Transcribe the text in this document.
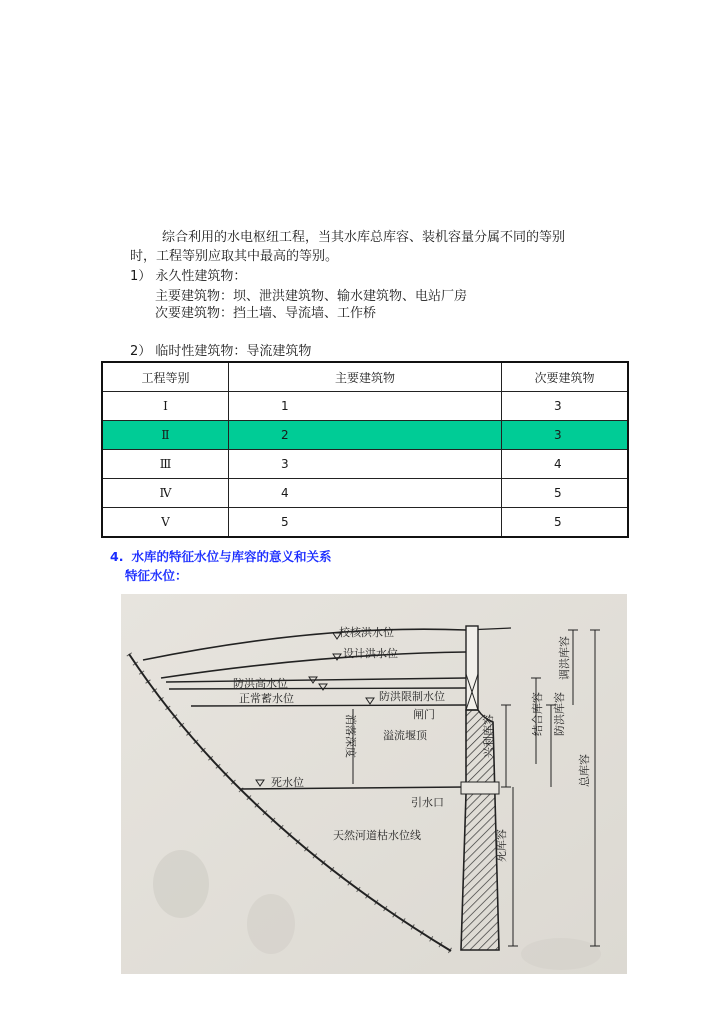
综合利用的水电枢纽工程，当其水库总库容、装机容量分属不同的等别
时，工程等别应取其中最高的等别。
1） 永久性建筑物：
主要建筑物：坝、泄洪建筑物、输水建筑物、电站厂房
次要建筑物：挡土墙、导流墙、工作桥
2） 临时性建筑物：导流建筑物
工程等别	主要建筑物	次要建筑物
Ⅰ	1	3
Ⅱ	2	3
Ⅲ	3	4
Ⅳ	4	5
Ⅴ	5	5
4. 水库的特征水位与库容的意义和关系
特征水位：
校核洪水位
设计洪水位
防洪高水位
正常蓄水位	防洪限制水位
闸门
溢流堰顶
消落深度
死水位
引水口
天然河道枯水位线
兴利库容
死库容
结合库容 防洪库容
调洪库容
总库容
